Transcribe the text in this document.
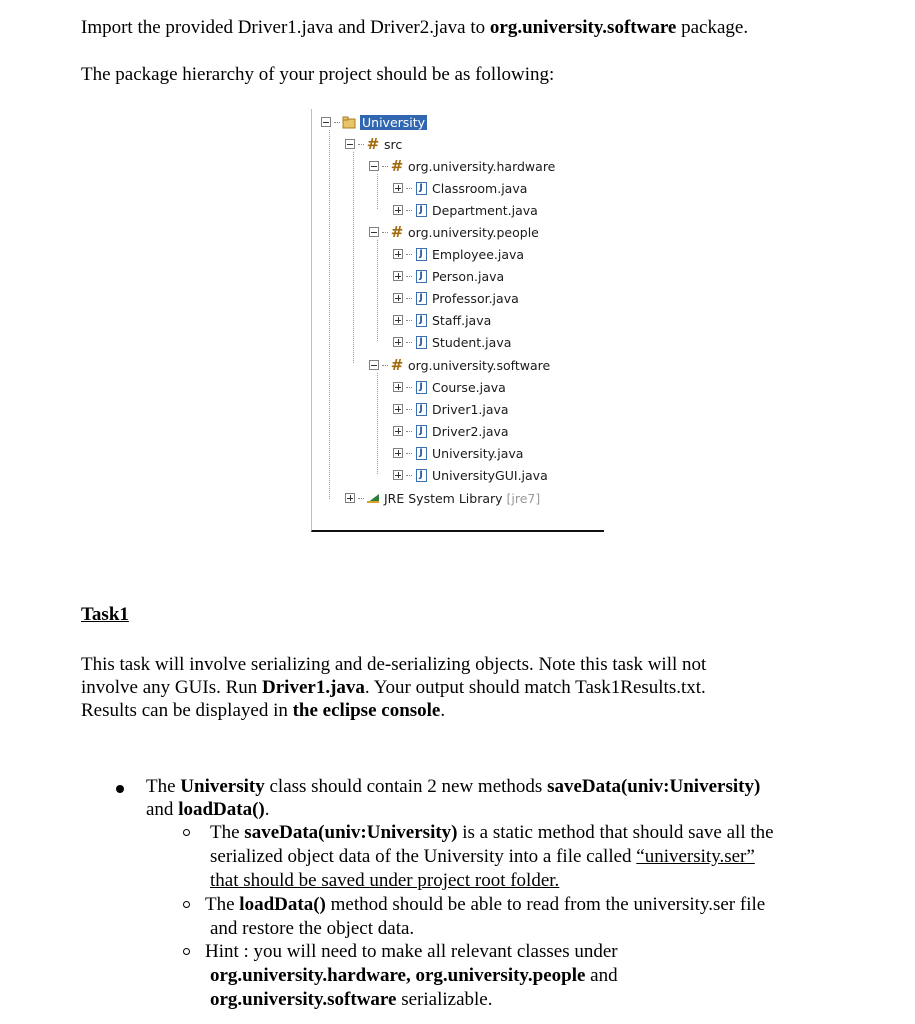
Import the provided Driver1.java and Driver2.java to org.university.software package.
The package hierarchy of your project should be as following:
University
# src
# org.university.hardware
J Classroom.java
J Department.java
# org.university.people
J Employee.java
J Person.java
J Professor.java
J Staff.java
J Student.java
# org.university.software
J Course.java
J Driver1.java
J Driver2.java
J University.java
J UniversityGUI.java
JRE System Library
[jre7]
Task1
This task will involve serializing and de-serializing objects. Note this task will not
involve any GUIs. Run Driver1.java. Your output should match Task1Results.txt.
Results can be displayed in the eclipse console.
The University class should contain 2 new methods saveData(univ:University)
and loadData().
The saveData(univ:University) is a static method that should save all the
serialized object data of the University into a file called “university.ser”
that should be saved under project root folder.
The loadData() method should be able to read from the university.ser file
and restore the object data.
Hint : you will need to make all relevant classes under
org.university.hardware, org.university.people and
org.university.software serializable.
